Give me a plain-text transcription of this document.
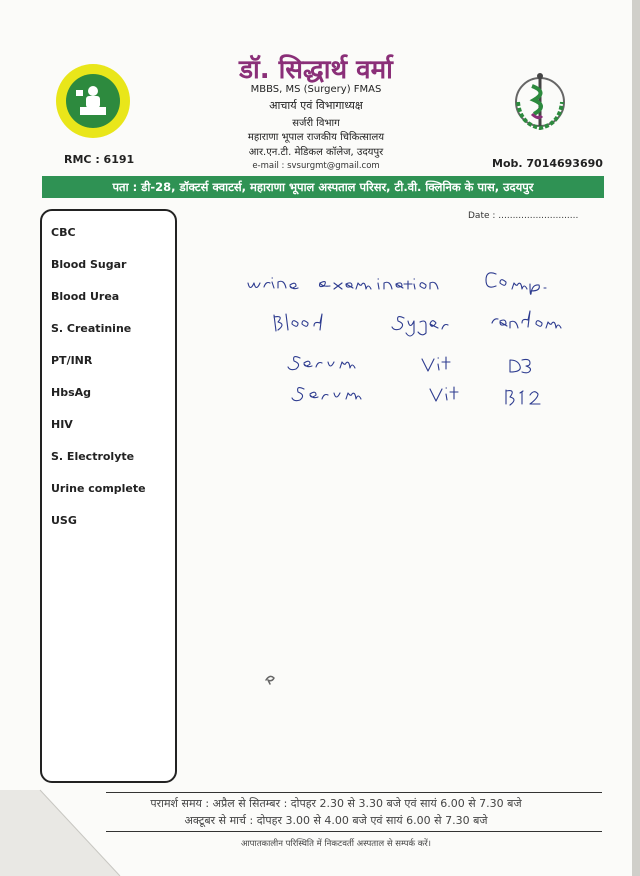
डॉ. सिद्धार्थ वर्मा
MBBS, MS (Surgery) FMAS
आचार्य एवं विभागाध्यक्ष
सर्जरी विभाग
महाराणा भूपाल राजकीय चिकित्सालय
आर.एन.टी. मेडिकल कॉलेज, उदयपुर
e-mail : svsurgmt@gmail.com
RMC : 6191	Mob. 7014693690
पता : डी-28, डॉक्टर्स क्वाटर्स, महाराणा भूपाल अस्पताल परिसर, टी.वी. क्लिनिक के पास, उदयपुर
Date : ............................
CBC
Blood Sugar
Blood Urea
S. Creatinine
PT/INR
HbsAg
HIV
S. Electrolyte
Urine complete
USG
परामर्श समय : अप्रैल से सितम्बर : दोपहर 2.30 से 3.30 बजे एवं सायं 6.00 से 7.30 बजे
अक्टूबर से मार्च : दोपहर 3.00 से 4.00 बजे एवं सायं 6.00 से 7.30 बजे
आपातकालीन परिस्थिति में निकटवर्ती अस्पताल से सम्पर्क करें।
